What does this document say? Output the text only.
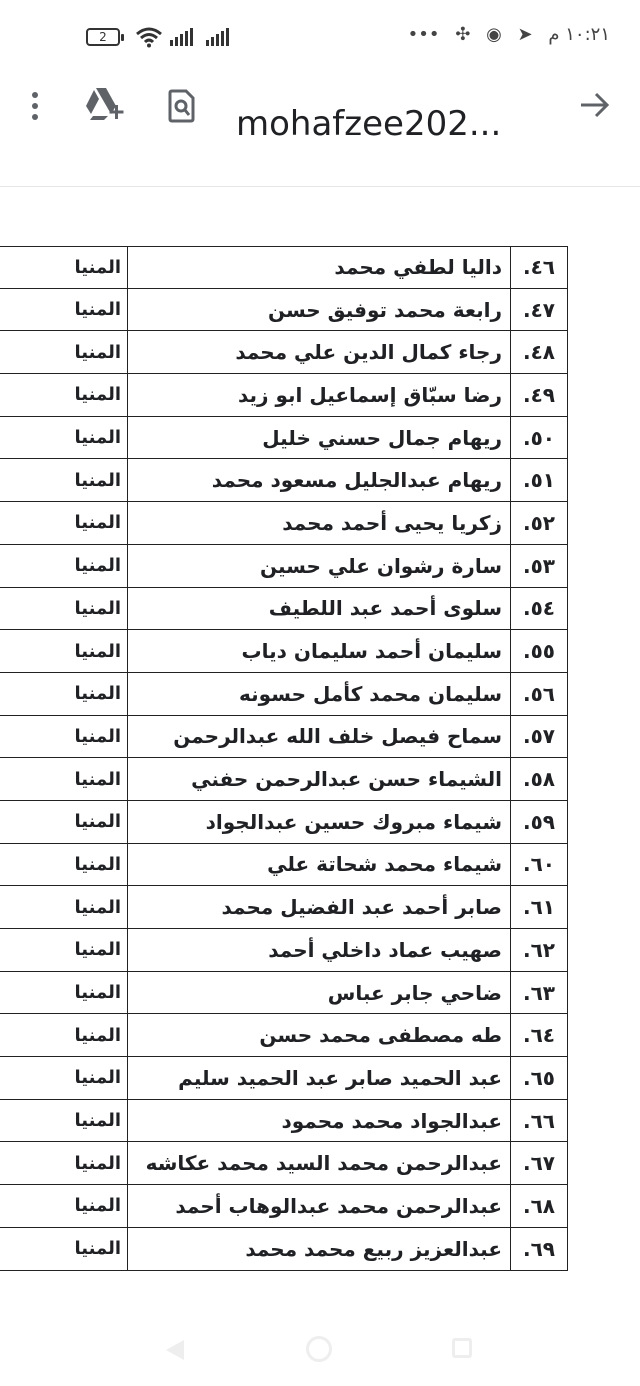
2	••• ✣ ◉ ➤ ١٠:٢١ م
mohafzee202...
المنيا	داليا لطفي محمد	٤٦.
المنيا	رابعة محمد توفيق حسن	٤٧.
المنيا	رجاء كمال الدين علي محمد	٤٨.
المنيا	رضا سبّاق إسماعيل ابو زيد	٤٩.
المنيا	ريهام جمال حسني خليل	٥٠.
المنيا	ريهام عبدالجليل مسعود محمد	٥١.
المنيا	زكريا يحيى أحمد محمد	٥٢.
المنيا	سارة رشوان علي حسين	٥٣.
المنيا	سلوى أحمد عبد اللطيف	٥٤.
المنيا	سليمان أحمد سليمان دياب	٥٥.
المنيا	سليمان محمد كأمل حسونه	٥٦.
المنيا	سماح فيصل خلف الله عبدالرحمن	٥٧.
المنيا	الشيماء حسن عبدالرحمن حفني	٥٨.
المنيا	شيماء مبروك حسين عبدالجواد	٥٩.
المنيا	شيماء محمد شحاتة علي	٦٠.
المنيا	صابر أحمد عبد الفضيل محمد	٦١.
المنيا	صهيب عماد داخلي أحمد	٦٢.
المنيا	ضاحي جابر عباس	٦٣.
المنيا	طه مصطفى محمد حسن	٦٤.
المنيا	عبد الحميد صابر عبد الحميد سليم	٦٥.
المنيا	عبدالجواد محمد محمود	٦٦.
المنيا	عبدالرحمن محمد السيد محمد عكاشه	٦٧.
المنيا	عبدالرحمن محمد عبدالوهاب أحمد	٦٨.
المنيا	عبدالعزيز ربيع محمد محمد	٦٩.
